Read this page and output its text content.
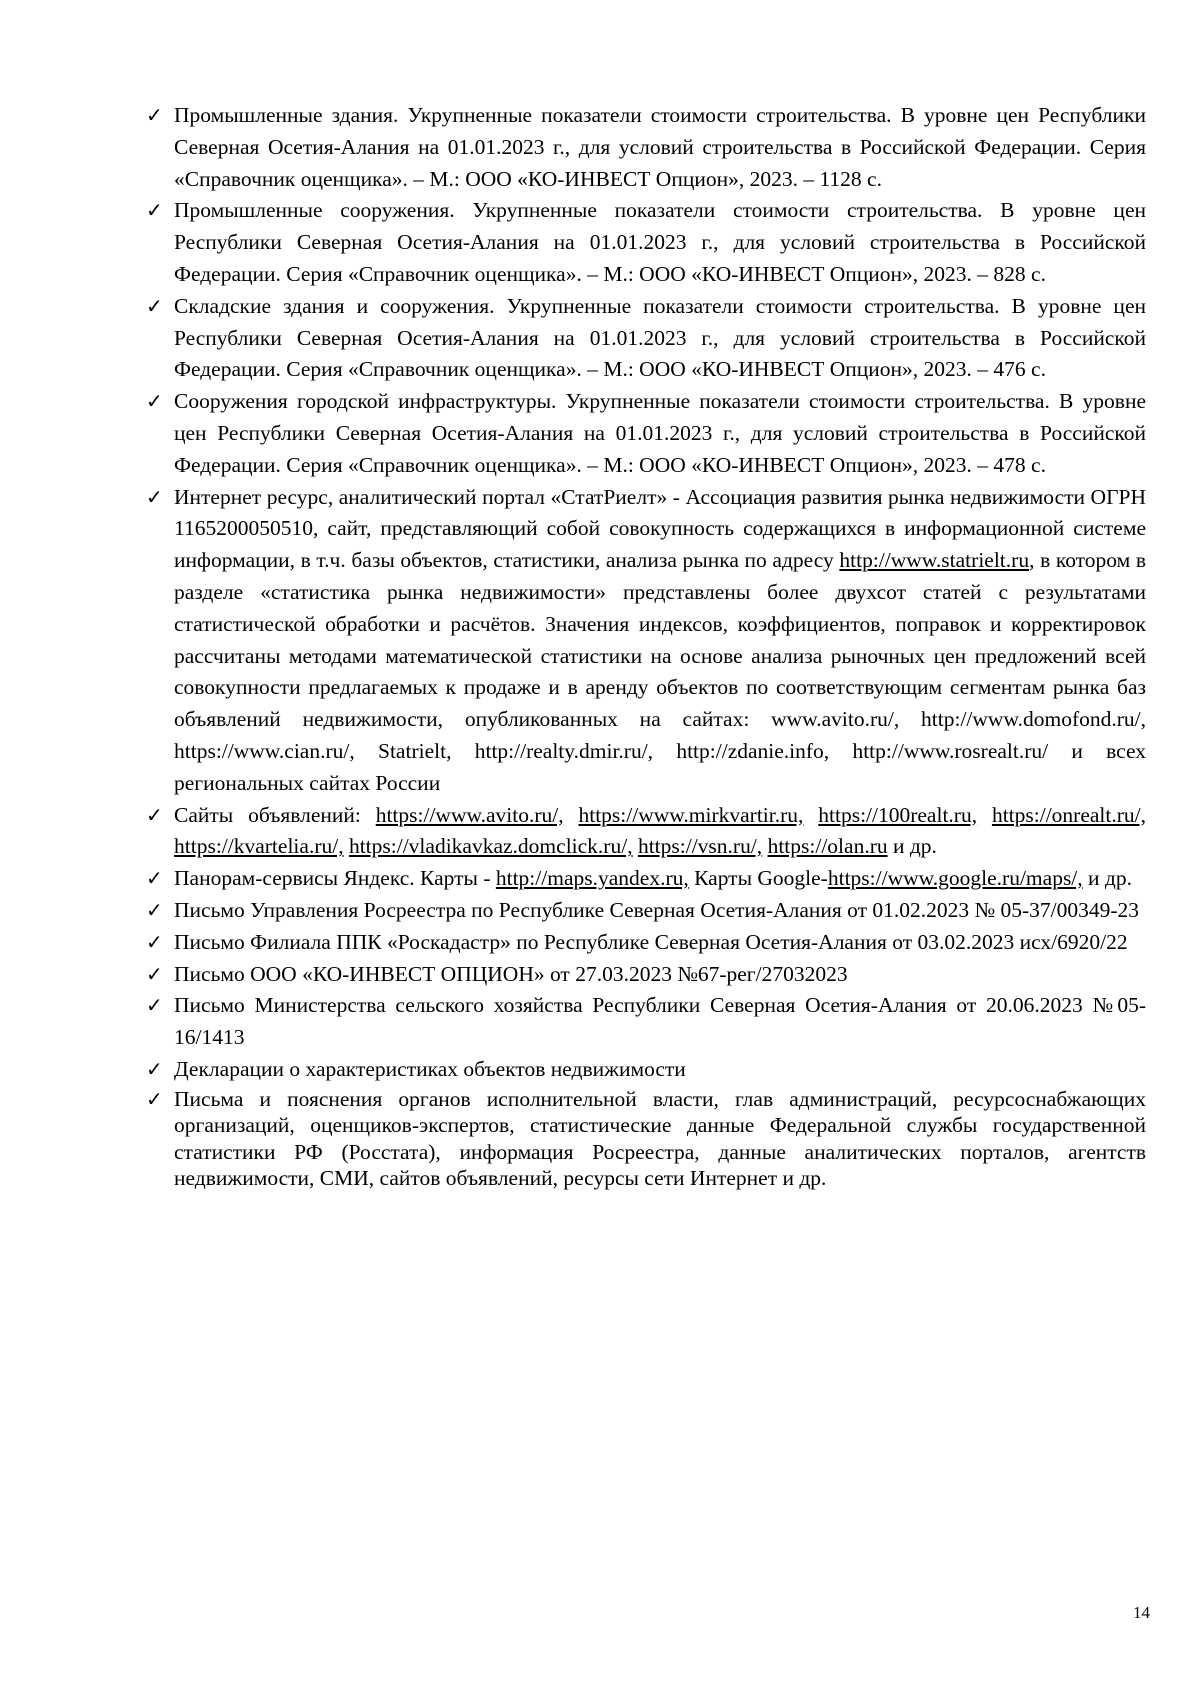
✓ Промышленные здания. Укрупненные показатели стоимости строительства. В уровне цен Республики Северная Осетия-Алания на 01.01.2023 г., для условий строительства в Российской Федерации. Серия «Справочник оценщика». – М.: ООО «КО-ИНВЕСТ Опцион», 2023. – 1128 с.
✓ Промышленные сооружения. Укрупненные показатели стоимости строительства. В уровне цен Республики Северная Осетия-Алания на 01.01.2023 г., для условий строительства в Российской Федерации. Серия «Справочник оценщика». – М.: ООО «КО-ИНВЕСТ Опцион», 2023. – 828 с.
✓ Складские здания и сооружения. Укрупненные показатели стоимости строительства. В уровне цен Республики Северная Осетия-Алания на 01.01.2023 г., для условий строительства в Российской Федерации. Серия «Справочник оценщика». – М.: ООО «КО-ИНВЕСТ Опцион», 2023. – 476 с.
✓ Сооружения городской инфраструктуры. Укрупненные показатели стоимости строительства. В уровне цен Республики Северная Осетия-Алания на 01.01.2023 г., для условий строительства в Российской Федерации. Серия «Справочник оценщика». – М.: ООО «КО-ИНВЕСТ Опцион», 2023. – 478 с.
✓ Интернет ресурс, аналитический портал «СтатРиелт» - Ассоциация развития рынка недвижимости ОГРН 1165200050510, сайт, представляющий собой совокупность содержащихся в информационной системе информации, в т.ч. базы объектов, статистики, анализа рынка по адресу http://www.statrielt.ru, в котором в разделе «статистика рынка недвижимости» представлены более двухсот статей с результатами статистической обработки и расчётов. Значения индексов, коэффициентов, поправок и корректировок рассчитаны методами математической статистики на основе анализа рыночных цен предложений всей совокупности предлагаемых к продаже и в аренду объектов по соответствующим сегментам рынка баз объявлений недвижимости, опубликованных на сайтах: www.avito.ru/, http://www.domofond.ru/, https://www.cian.ru/, Statrielt, http://realty.dmir.ru/, http://zdanie.info, http://www.rosrealt.ru/ и всех региональных сайтах России
✓ Сайты объявлений: https://www.avito.ru/, https://www.mirkvartir.ru, https://100realt.ru, https://onrealt.ru/, https://kvartelia.ru/, https://vladikavkaz.domclick.ru/, https://vsn.ru/, https://olan.ru и др.
✓ Панорам-сервисы Яндекс. Карты - http://maps.yandex.ru, Карты Google-https://www.google.ru/maps/, и др.
✓ Письмо Управления Росреестра по Республике Северная Осетия-Алания от 01.02.2023 № 05-37/00349-23
✓ Письмо Филиала ППК «Роскадастр» по Республике Северная Осетия-Алания от 03.02.2023 исх/6920/22
✓ Письмо ООО «КО-ИНВЕСТ ОПЦИОН» от 27.03.2023 №67-рег/27032023
✓ Письмо Министерства сельского хозяйства Республики Северная Осетия-Алания от 20.06.2023 №05-16/1413
✓ Декларации о характеристиках объектов недвижимости
✓ Письма и пояснения органов исполнительной власти, глав администраций, ресурсоснабжающих организаций, оценщиков-экспертов, статистические данные Федеральной службы государственной статистики РФ (Росстата), информация Росреестра, данные аналитических порталов, агентств недвижимости, СМИ, сайтов объявлений, ресурсы сети Интернет и др.
14
